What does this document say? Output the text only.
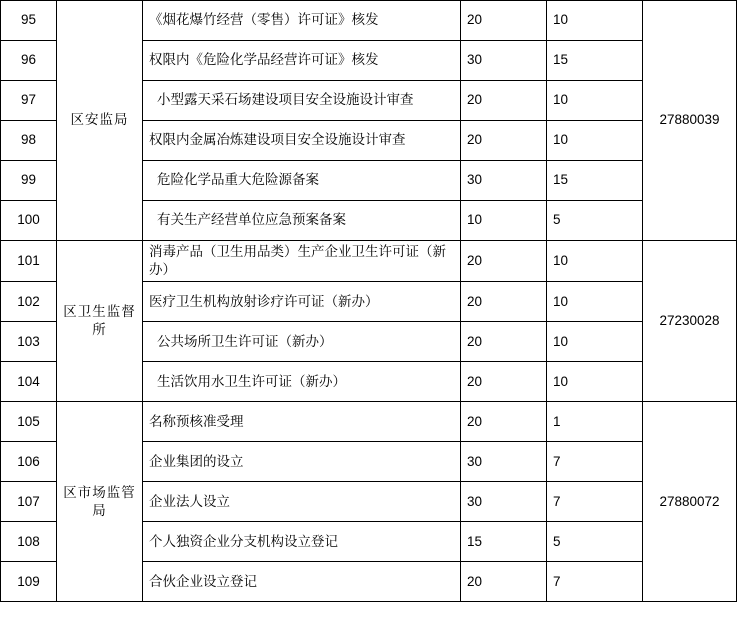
95	区安监局	《烟花爆竹经营（零售）许可证》核发	20	10	27880039
96		权限内《危险化学品经营许可证》核发	30	15	
97		小型露天采石场建设项目安全设施设计审查	20	10	
98		权限内金属冶炼建设项目安全设施设计审查	20	10	
99		危险化学品重大危险源备案	30	15	
100		有关生产经营单位应急预案备案	10	5	
101	区卫生监督所	消毒产品（卫生用品类）生产企业卫生许可证（新办）	20	10	27230028
102		医疗卫生机构放射诊疗许可证（新办）	20	10	
103		公共场所卫生许可证（新办）	20	10	
104		生活饮用水卫生许可证（新办）	20	10	
105	区市场监管局	名称预核准受理	20	1	27880072
106		企业集团的设立	30	7	
107		企业法人设立	30	7	
108		个人独资企业分支机构设立登记	15	5	
109		合伙企业设立登记	20	7	
